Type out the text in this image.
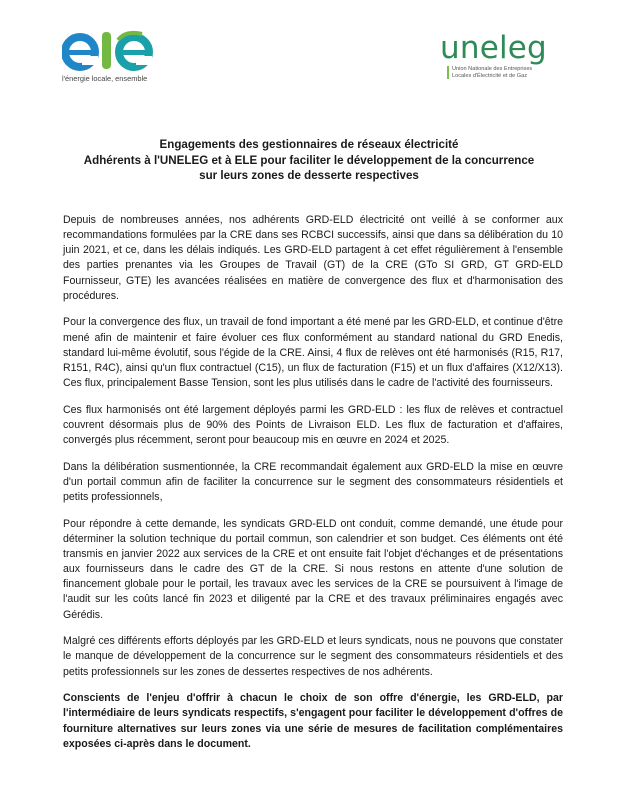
l'énergie locale, ensemble
uneleg
Union Nationale des Entreprises
Locales d'Électricité et de Gaz
Engagements des gestionnaires de réseaux électricité
Adhérents à l'UNELEG et à ELE pour faciliter le développement de la concurrence
sur leurs zones de desserte respectives

Depuis de nombreuses années, nos adhérents GRD-ELD électricité ont veillé à se conformer aux recommandations formulées par la CRE dans ses RCBCI successifs, ainsi que dans sa délibération du 10 juin 2021, et ce, dans les délais indiqués. Les GRD-ELD partagent à cet effet régulièrement à l'ensemble des parties prenantes via les Groupes de Travail (GT) de la CRE (GTo SI GRD, GT GRD-ELD Fournisseur, GTE) les avancées réalisées en matière de convergence des flux et d'harmonisation des procédures.

Pour la convergence des flux, un travail de fond important a été mené par les GRD-ELD, et continue d'être mené afin de maintenir et faire évoluer ces flux conformément au standard national du GRD Enedis, standard lui-même évolutif, sous l'égide de la CRE. Ainsi, 4 flux de relèves ont été harmonisés (R15, R17, R151, R4C), ainsi qu'un flux contractuel (C15), un flux de facturation (F15) et un flux d'affaires (X12/X13). Ces flux, principalement Basse Tension, sont les plus utilisés dans le cadre de l'activité des fournisseurs.

Ces flux harmonisés ont été largement déployés parmi les GRD-ELD : les flux de relèves et contractuel couvrent désormais plus de 90% des Points de Livraison ELD. Les flux de facturation et d'affaires, convergés plus récemment, seront pour beaucoup mis en œuvre en 2024 et 2025.

Dans la délibération susmentionnée, la CRE recommandait également aux GRD-ELD la mise en œuvre d'un portail commun afin de faciliter la concurrence sur le segment des consommateurs résidentiels et petits professionnels,

Pour répondre à cette demande, les syndicats GRD-ELD ont conduit, comme demandé, une étude pour déterminer la solution technique du portail commun, son calendrier et son budget. Ces éléments ont été transmis en janvier 2022 aux services de la CRE et ont ensuite fait l'objet d'échanges et de présentations aux fournisseurs dans le cadre des GT de la CRE. Si nous restons en attente d'une solution de financement globale pour le portail, les travaux avec les services de la CRE se poursuivent à l'image de l'audit sur les coûts lancé fin 2023 et diligenté par la CRE et des travaux préliminaires engagés avec Gérédis.

Malgré ces différents efforts déployés par les GRD-ELD et leurs syndicats, nous ne pouvons que constater le manque de développement de la concurrence sur le segment des consommateurs résidentiels et des petits professionnels sur les zones de dessertes respectives de nos adhérents.

Conscients de l'enjeu d'offrir à chacun le choix de son offre d'énergie, les GRD-ELD, par l'intermédiaire de leurs syndicats respectifs, s'engagent pour faciliter le développement d'offres de fourniture alternatives sur leurs zones via une série de mesures de facilitation complémentaires exposées ci-après dans le document.
